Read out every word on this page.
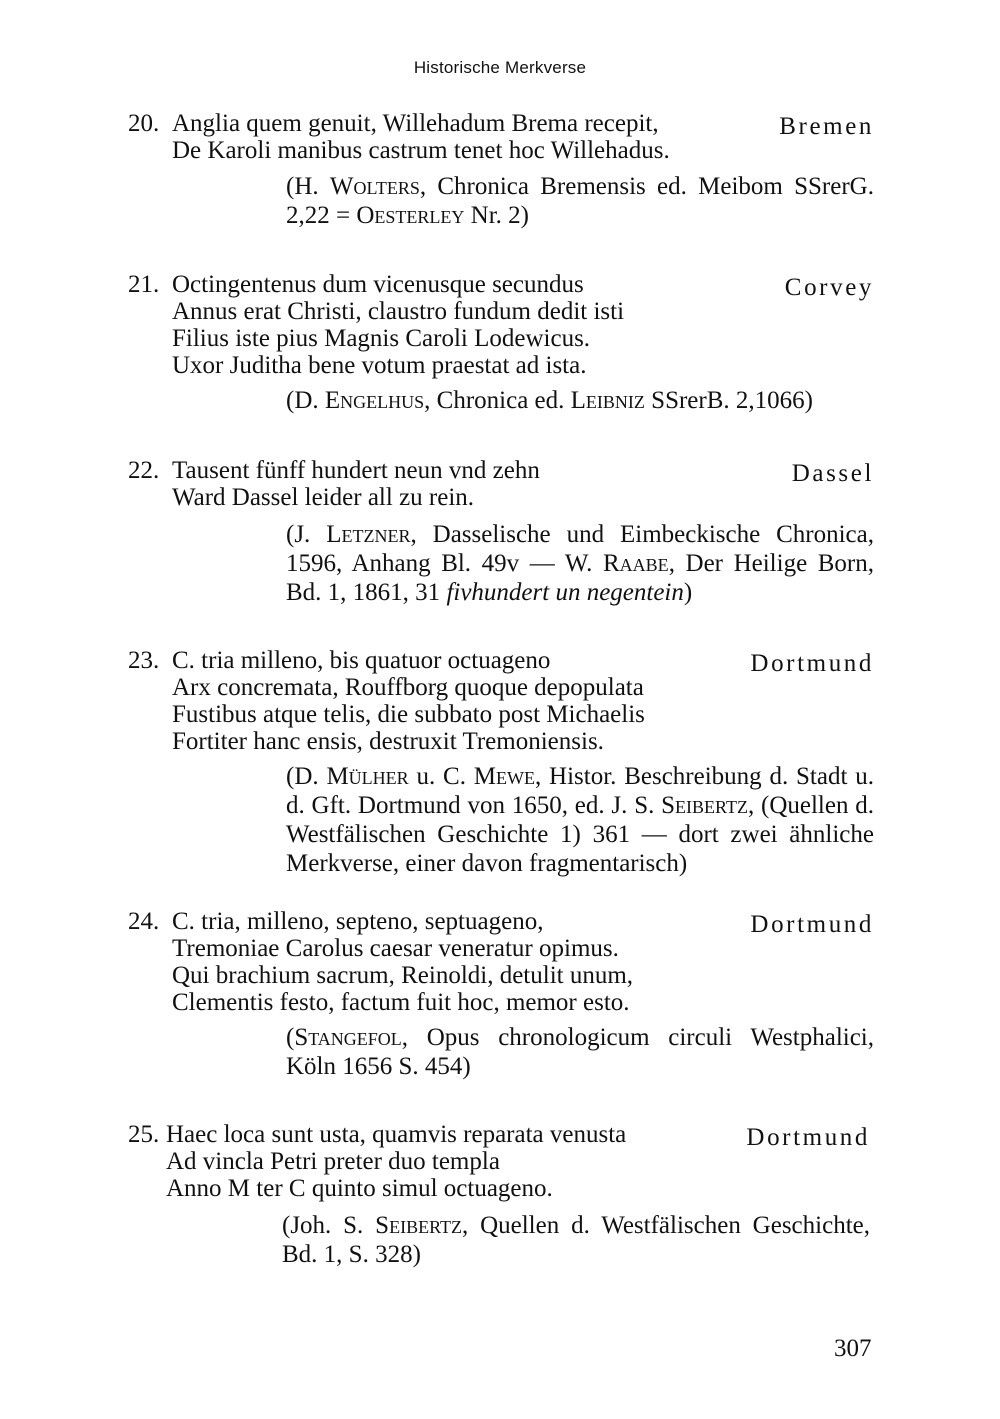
Historische Merkverse
20. Anglia quem genuit, Willehadum Brema recepit,
De Karoli manibus castrum tenet hoc Willehadus.
Bremen
(H. Wolters, Chronica Bremensis ed. Meibom SSrerG. 2,22 = Oesterley Nr. 2)
21. Octingentenus dum vicenusque secundus
Annus erat Christi, claustro fundum dedit isti
Filius iste pius Magnis Caroli Lodewicus.
Uxor Juditha bene votum praestat ad ista.
Corvey
(D. Engelhus, Chronica ed. Leibniz SSrerB. 2,1066)
22. Tausent fünff hundert neun vnd zehn
Ward Dassel leider all zu rein.
Dassel
(J. Letzner, Dasselische und Eimbeckische Chronica, 1596, Anhang Bl. 49v — W. Raabe, Der Heilige Born, Bd. 1, 1861, 31 fivhundert un negentein)
23. C. tria milleno, bis quatuor octuageno
Arx concremata, Rouffborg quoque depopulata
Fustibus atque telis, die subbato post Michaelis
Fortiter hanc ensis, destruxit Tremoniensis.
Dortmund
(D. Mülher u. C. Mewe, Histor. Beschreibung d. Stadt u. d. Gft. Dortmund von 1650, ed. J. S. Seibertz, (Quellen d. Westfälischen Geschichte 1) 361 — dort zwei ähnliche Merkverse, einer davon fragmentarisch)
24. C. tria, milleno, septeno, septuageno,
Tremoniae Carolus caesar veneratur opimus.
Qui brachium sacrum, Reinoldi, detulit unum,
Clementis festo, factum fuit hoc, memor esto.
Dortmund
(Stangefol, Opus chronologicum circuli Westphalici, Köln 1656 S. 454)
25. Haec loca sunt usta, quamvis reparata venusta
Ad vincla Petri preter duo templa
Anno M ter C quinto simul octuageno.
Dortmund
(Joh. S. Seibertz, Quellen d. Westfälischen Geschichte, Bd. 1, S. 328)
307
